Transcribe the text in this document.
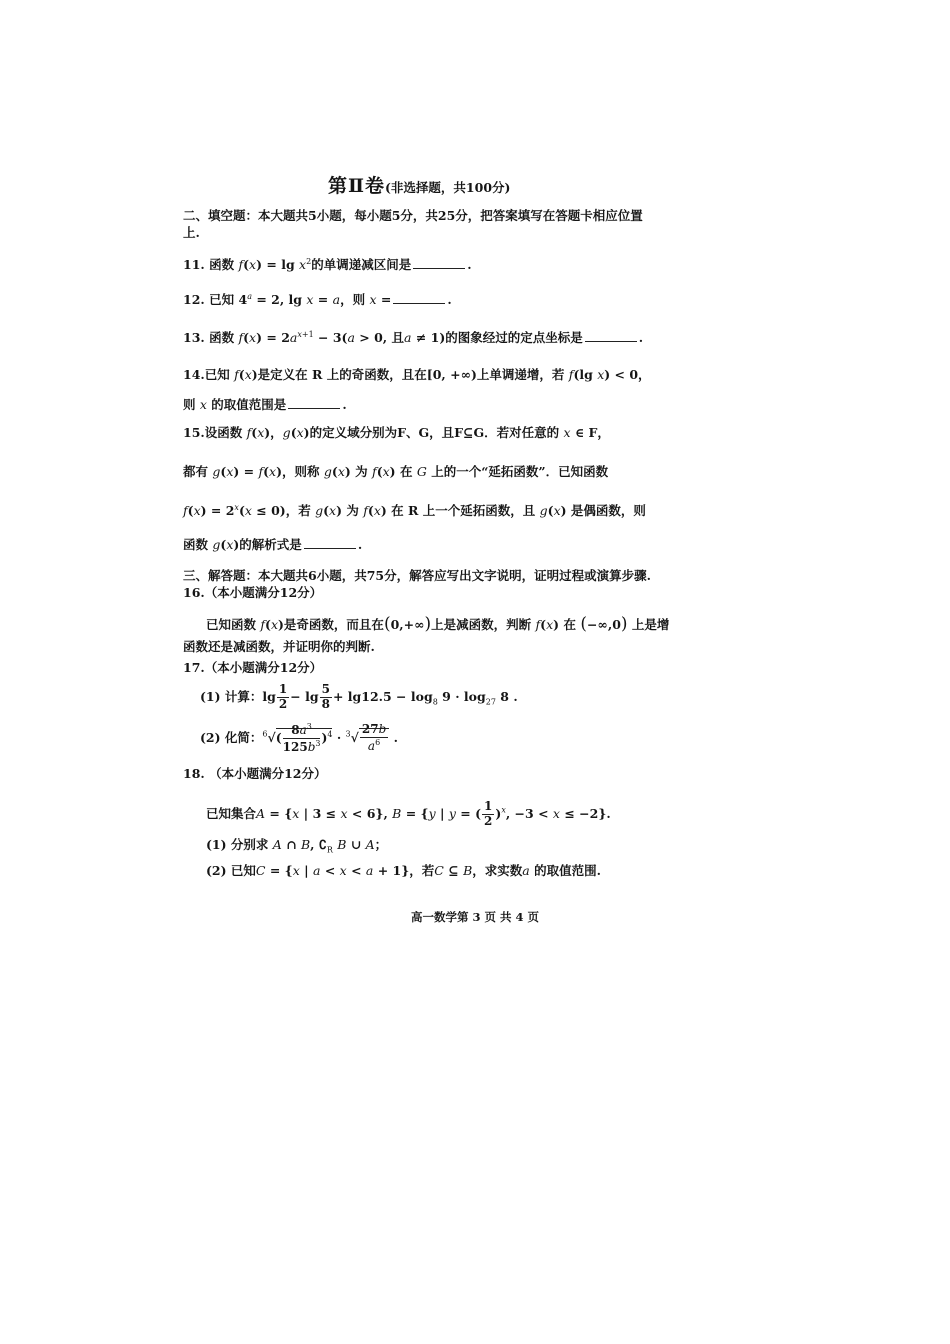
第Ⅱ卷(非选择题，共100分)
二、填空题：本大题共5小题，每小题5分，共25分，把答案填写在答题卡相应位置
上.
11. 函数 $f(x) = \lg x^2$的单调递减区间是	.
12. 已知 $4^a = 2$, lg x = a，则 x =	.
13. 函数 $f(x) = 2a^{x+1} - 3(a > 0$, 且a ≠ 1)的图象经过的定点坐标是	.
14.已知 f(x)是定义在 R 上的奇函数，且在[0, +∞)上单调递增，若 f(lg x) < 0，
则 x 的取值范围是	.
15.设函数 f(x)，g(x)的定义域分别为F、G，且F⊆G．若对任意的 x ∈ F，
都有 g(x) = f(x)，则称 g(x) 为 f(x) 在 G 上的一个“延拓函数”．已知函数
$f(x) = 2^x(x \le 0)$，若 g(x) 为 f(x) 在 R 上一个延拓函数，且 g(x) 是偶函数，则
函数 g(x)的解析式是	.
三、解答题：本大题共6小题，共75分，解答应写出文字说明，证明过程或演算步骤.
16.（本小题满分12分）
已知函数 f(x)是奇函数，而且在(0,+∞)上是减函数，判断 f(x) 在 (−∞,0) 上是增
函数还是减函数，并证明你的判断.
17.（本小题满分12分）
(1) 计算：$\lg \frac{1}{2} - \lg \frac{5}{8} + \lg 12.5 - \log_8 9 \cdot \log_{27} 8$ .
(2) 化简：$^6√( \frac{8a^3}{125b^3} )^4 \cdot ^3√ \frac{27b}{a^6}$ .
18. （本小题满分12分）
已知集合A = {x | 3 ≤ x < 6}, B = {y | y = ( $\frac{1}{2} )^x$, −3 < x ≤ −2}.
(1) 分别求 A ∩ B, $∁_R$ B ∪ A；
(2) 已知C = {x | a < x < a + 1}，若C ⊆ B，求实数a 的取值范围.
高一数学第 3 页 共 4 页
